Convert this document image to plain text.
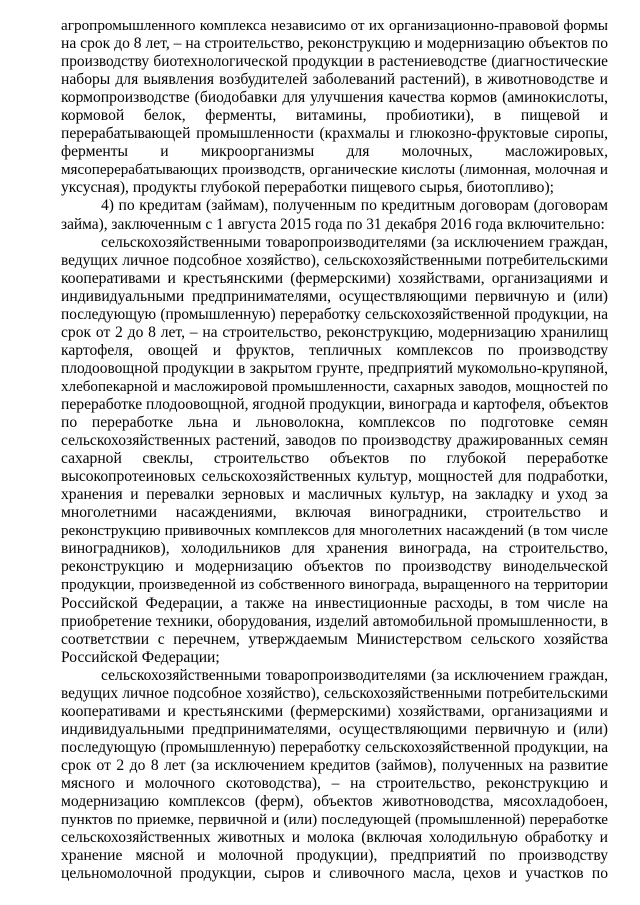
агропромышленного комплекса независимо от их организационно-правовой формы
на срок до 8 лет, – на строительство, реконструкцию и модернизацию объектов по
производству биотехнологической продукции в растениеводстве (диагностические
наборы для выявления возбудителей заболеваний растений), в животноводстве и
кормопроизводстве (биодобавки для улучшения качества кормов (аминокислоты,
кормовой белок, ферменты, витамины, пробиотики), в пищевой и
перерабатывающей промышленности (крахмалы и глюкозно-фруктовые сиропы,
ферменты и микроорганизмы для молочных, масложировых,
мясоперерабатывающих производств, органические кислоты (лимонная, молочная и
уксусная), продукты глубокой переработки пищевого сырья, биотопливо);
4) по кредитам (займам), полученным по кредитным договорам (договорам
займа), заключенным с 1 августа 2015 года по 31 декабря 2016 года включительно:
сельскохозяйственными товаропроизводителями (за исключением граждан,
ведущих личное подсобное хозяйство), сельскохозяйственными потребительскими
кооперативами и крестьянскими (фермерскими) хозяйствами, организациями и
индивидуальными предпринимателями, осуществляющими первичную и (или)
последующую (промышленную) переработку сельскохозяйственной продукции, на
срок от 2 до 8 лет, – на строительство, реконструкцию, модернизацию хранилищ
картофеля, овощей и фруктов, тепличных комплексов по производству
плодоовощной продукции в закрытом грунте, предприятий мукомольно-крупяной,
хлебопекарной и масложировой промышленности, сахарных заводов, мощностей по
переработке плодоовощной, ягодной продукции, винограда и картофеля, объектов
по переработке льна и льноволокна, комплексов по подготовке семян
сельскохозяйственных растений, заводов по производству дражированных семян
сахарной свеклы, строительство объектов по глубокой переработке
высокопротеиновых сельскохозяйственных культур, мощностей для подработки,
хранения и перевалки зерновых и масличных культур, на закладку и уход за
многолетними насаждениями, включая виноградники, строительство и
реконструкцию прививочных комплексов для многолетних насаждений (в том числе
виноградников), холодильников для хранения винограда, на строительство,
реконструкцию и модернизацию объектов по производству винодельческой
продукции, произведенной из собственного винограда, выращенного на территории
Российской Федерации, а также на инвестиционные расходы, в том числе на
приобретение техники, оборудования, изделий автомобильной промышленности, в
соответствии с перечнем, утверждаемым Министерством сельского хозяйства
Российской Федерации;
сельскохозяйственными товаропроизводителями (за исключением граждан,
ведущих личное подсобное хозяйство), сельскохозяйственными потребительскими
кооперативами и крестьянскими (фермерскими) хозяйствами, организациями и
индивидуальными предпринимателями, осуществляющими первичную и (или)
последующую (промышленную) переработку сельскохозяйственной продукции, на
срок от 2 до 8 лет (за исключением кредитов (займов), полученных на развитие
мясного и молочного скотоводства), – на строительство, реконструкцию и
модернизацию комплексов (ферм), объектов животноводства, мясохладобоен,
пунктов по приемке, первичной и (или) последующей (промышленной) переработке
сельскохозяйственных животных и молока (включая холодильную обработку и
хранение мясной и молочной продукции), предприятий по производству
цельномолочной продукции, сыров и сливочного масла, цехов и участков по
